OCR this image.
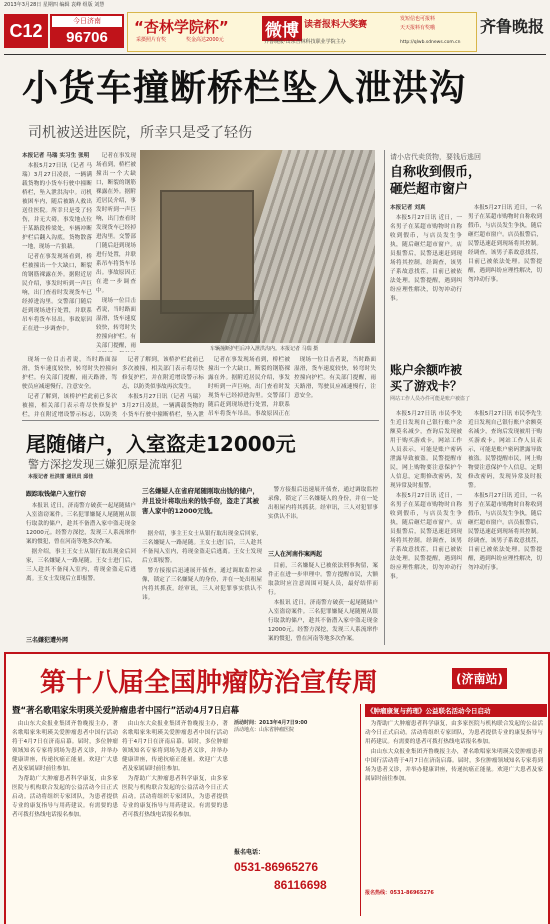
2013年3月28日 星期四 编辑 袁峰 组版 刘慧
C12	今日济南
96706
“杏林学院杯”
采摄照片有奖	奖金高达2000元 微博 读者报料大奖赛
齐鲁晚报·山东杏林科技职业学院主办
发短信也可报料
天天报料有奖哦
http://qlwb.sdnews.com.cn
齐鲁晚报
小货车撞断桥栏坠入泄洪沟
司机被送进医院，所幸只是受了轻伤

本报记者 马瑞 实习生 张明

本报5月27日讯（记者 马瑞）3月27日凌晨，一辆满载货物的小货车行驶中撞断桥栏，坠入泄洪沟中。司机被困车内，随后被路人救出送往医院。所幸只是受了轻伤，并无大碍。事发地点位于某路段桥梁处，车辆冲断护栏后翻入沟底，货物散落一地，现场一片狼藉。

记者在事发现场看到，桥栏被撞出一个大缺口，断裂的钢筋裸露在外。据附近居民介绍，事发时听到一声巨响，出门查看时发现货车已经掉进沟里。交警部门随后赶到现场进行处置，并联系吊车将货车吊出。事故原因正在进一步调查中。

记者在事发现场看到，桥栏被撞出一个大缺口，断裂的钢筋裸露在外。据附近居民介绍，事发时听到一声巨响，出门查看时发现货车已经掉进沟里。交警部门随后赶到现场进行处置，并联系吊车将货车吊出。事故原因正在进一步调查中。

现场一位目击者说，当时路面湿滑，货车速度较快，转弯时失控撞向护栏。有关部门提醒，雨	车辆撞断护栏后冲入泄洪沟内。本报记者 马瑞 摄

现场一位目击者说，当时路面湿滑，货车速度较快，转弯时失控撞向护栏。有关部门提醒，雨天路滑，驾驶员应减速慢行，注意安全。

记者了解到，该桥护栏此前已多次被撞，相关部门表示将尽快修复护栏，并在附近增设警示标志，以防类

记者了解到，该桥护栏此前已多次被撞，相关部门表示将尽快修复护栏，并在附近增设警示标志，以防类似事故再次发生。

本报5月27日讯（记者 马瑞）3月27日凌晨，一辆满载货物的小货车行驶中撞断桥栏，坠入泄

记者在事发现场看到，桥栏被撞出一个大缺口，断裂的钢筋裸露在外。据附近居民介绍，事发时听到一声巨响，出门查看时发现货车已经掉进沟里。交警部门随后赶到现场进行处置，并联系吊车将货车吊出。事故原因正在

现场一位目击者说，当时路面湿滑，货车速度较快，转弯时失控撞向护栏。有关部门提醒，雨天路滑，驾驶员应减速慢行，注意安全。

请小店代卖货物，要钱后逃回
自称收到假币，
砸烂超市窗户

本报记者 刘真

本报5月27日讯 近日，一名男子在某超市购物时自称收到假币，与店员发生争执，随后砸烂超市窗户。店员报警后，民警迅速赶到现场将其控制。经调查，该男子系故意找茬，目前已被依法处理。民警提醒，遇到纠纷应理性解决，切勿冲动行事。

本报5月27日讯 近日，一名男子在某超市购物时自称收到假币，与店员发生争执，随后砸烂超市窗户。店员报警后，民警迅速赶到现场将其控制。经调查，该男子系故意找茬，目前已被依法处理。民警提醒，遇到纠纷应理性解决，切勿冲动行事。

账户余额咋被
买了游戏卡？
网站工作人员办件可能是账户被盗了

本报5月27日讯 市民李先生近日发现自己银行账户余额莫名减少，查询后发现被用于购买游戏卡。网站工作人员表示，可能是账户密码泄露导致被盗。民警提醒市民，网上购物要注意保护个人信息，定期修改密码，发现异常及时报警。

本报5月27日讯 近日，一名男子在某超市购物时自称收到假币，与店员发生争执，随后砸烂超市窗户。店员报警后，民警迅速赶到现场将其控制。经调查，该男子系故意找茬，目前已被依法处理。民警提醒，遇到纠纷应理性解决，切勿冲动行事。

本报5月27日讯 市民李先生近日发现自己银行账户余额莫名减少，查询后发现被用于购买游戏卡。网站工作人员表示，可能是账户密码泄露导致被盗。民警提醒市民，网上购物要注意保护个人信息，定期修改密码，发现异常及时报警。

本报5月27日讯 近日，一名男子在某超市购物时自称收到假币，与店员发生争执，随后砸烂超市窗户。店员报警后，民警迅速赶到现场将其控制。经调查，该男子系故意找茬，目前已被依法处理。民警提醒，遇到纠纷应理性解决，切勿冲动行事。

尾随储户，入室盗走12000元
警方深挖发现三嫌犯原是流窜犯
本报记者 杜洪雷 通讯员 邱佳
跟踪取钱储户入室行窃

本报讯 近日，济南警方破获一起尾随储户入室盗窃案件。三名犯罪嫌疑人尾随刚从银行取款的储户，趁其不备潜入家中盗走现金12000元。经警方深挖，发现三人系流窜作案的惯犯，曾在河南等地多次作案。

据介绍，事主王女士从银行取出现金后回家，三名嫌疑人一路尾随。王女士进门后，三人趁其不备闯入室内，将现金盗走后逃离。王女士发现后立即报警。

三名嫌犯遭外网
三名嫌疑人在省府尾随刚取出钱的储户，并且设计将取出来的钱手窃，盗走了其被害人家中的12000元钱。

据介绍，事主王女士从银行取出现金后回家，三名嫌疑人一路尾随。王女士进门后，三人趁其不备闯入室内，将现金盗走后逃离。王女士发现后立即报警。

警方接报后迅速展开侦查，通过调取监控录像，锁定了三名嫌疑人的身份，并在一处出租屋内将其抓获。经审讯，三人对犯罪事实供认不讳。

警方接报后迅速展开侦查，通过调取监控录像，锁定了三名嫌疑人的身份，并在一处出租屋内将其抓获。经审讯，三人对犯罪事实供认不讳。

三人在河南作案两起

目前，三名嫌疑人已被依法刑事拘留，案件正在进一步审理中。警方提醒市民，大额取款时应注意周围可疑人员，最好结伴而行。

本报讯 近日，济南警方破获一起尾随储户入室盗窃案件。三名犯罪嫌疑人尾随刚从银行取款的储户，趁其不备潜入家中盗走现金12000元。经警方深挖，发现三人系流窜作案的惯犯，曾在河南等地多次作案。

第十八届全国肿瘤防治宣传周	(济南站)
暨“著名歌唱家朱明瑛关爱肿瘤患者中国行”活动4月7日启幕

由山东大众报业集团齐鲁晚报主办，著名歌唱家朱明瑛关爱肿瘤患者中国行活动将于4月7日在济南启幕。届时，多位肿瘤领域知名专家将到场为患者义诊，并举办健康讲座，传递抗癌正能量。欢迎广大患者及家属届时前往参加。

为帮助广大肿瘤患者科学康复，由多家医院与机构联合发起的公益活动今日正式启动。活动将组织专家团队，为患者提供专业的康复指导与用药建议。有需要的患者可拨打热线电话报名参加。

由山东大众报业集团齐鲁晚报主办，著名歌唱家朱明瑛关爱肿瘤患者中国行活动将于4月7日在济南启幕。届时，多位肿瘤领域知名专家将到场为患者义诊，并举办健康讲座，传递抗癌正能量。欢迎广大患者及家属届时前往参加。

为帮助广大肿瘤患者科学康复，由多家医院与机构联合发起的公益活动今日正式启动。活动将组织专家团队，为患者提供专业的康复指导与用药建议。有需要的患者可拨打热线电话报名参加。

活动时间：2013年4月7日9:00
活动地点：山东省肿瘤医院
报名电话：
0531-86965276
86116698
《肿瘤康复与药理》公益联名活动今日启动

为帮助广大肿瘤患者科学康复，由多家医院与机构联合发起的公益活动今日正式启动。活动将组织专家团队，为患者提供专业的康复指导与用药建议。有需要的患者可拨打热线电话报名参加。

由山东大众报业集团齐鲁晚报主办，著名歌唱家朱明瑛关爱肿瘤患者中国行活动将于4月7日在济南启幕。届时，多位肿瘤领域知名专家将到场为患者义诊，并举办健康讲座，传递抗癌正能量。欢迎广大患者及家属届时前往参加。

报名热线：0531-86965276
